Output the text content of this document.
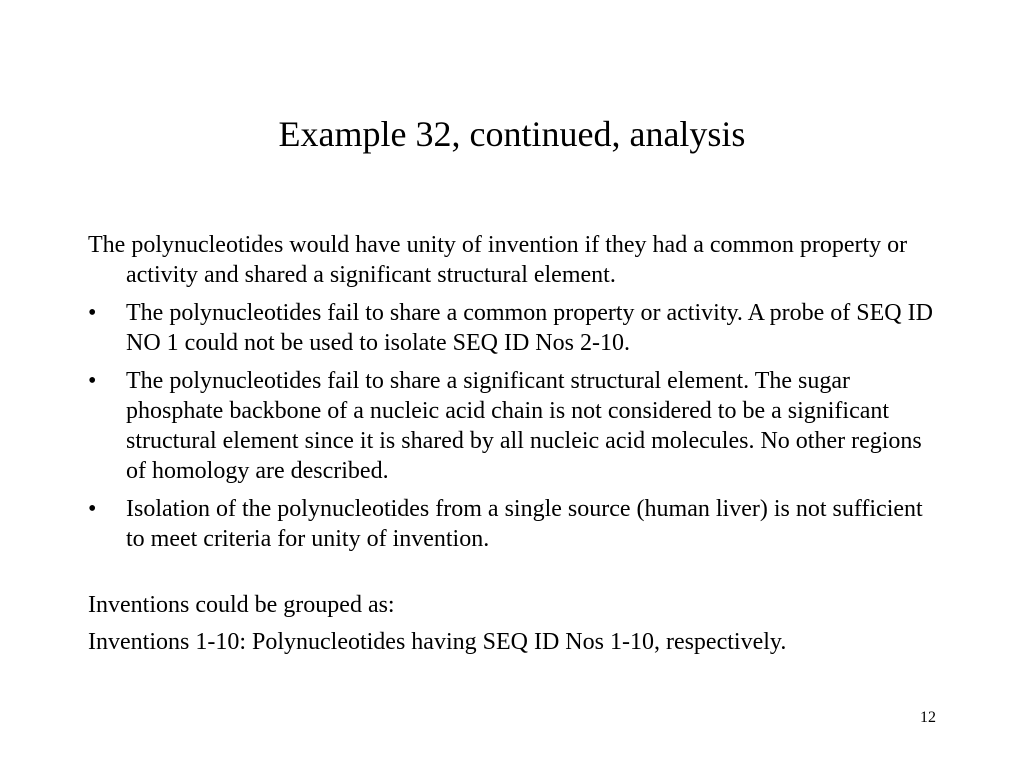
Example 32, continued, analysis

The polynucleotides would have unity of invention if they had a common property or activity and shared a significant structural element.

•	The polynucleotides fail to share a common property or activity. A probe of SEQ ID NO 1 could not be used to isolate SEQ ID Nos 2-10.
•	The polynucleotides fail to share a significant structural element. The sugar phosphate backbone of a nucleic acid chain is not considered to be a significant structural element since it is shared by all nucleic acid molecules. No other regions of homology are described.
•	Isolation of the polynucleotides from a single source (human liver) is not sufficient to meet criteria for unity of invention.

Inventions could be grouped as:

Inventions 1-10: Polynucleotides having SEQ ID Nos 1-10, respectively.

12
